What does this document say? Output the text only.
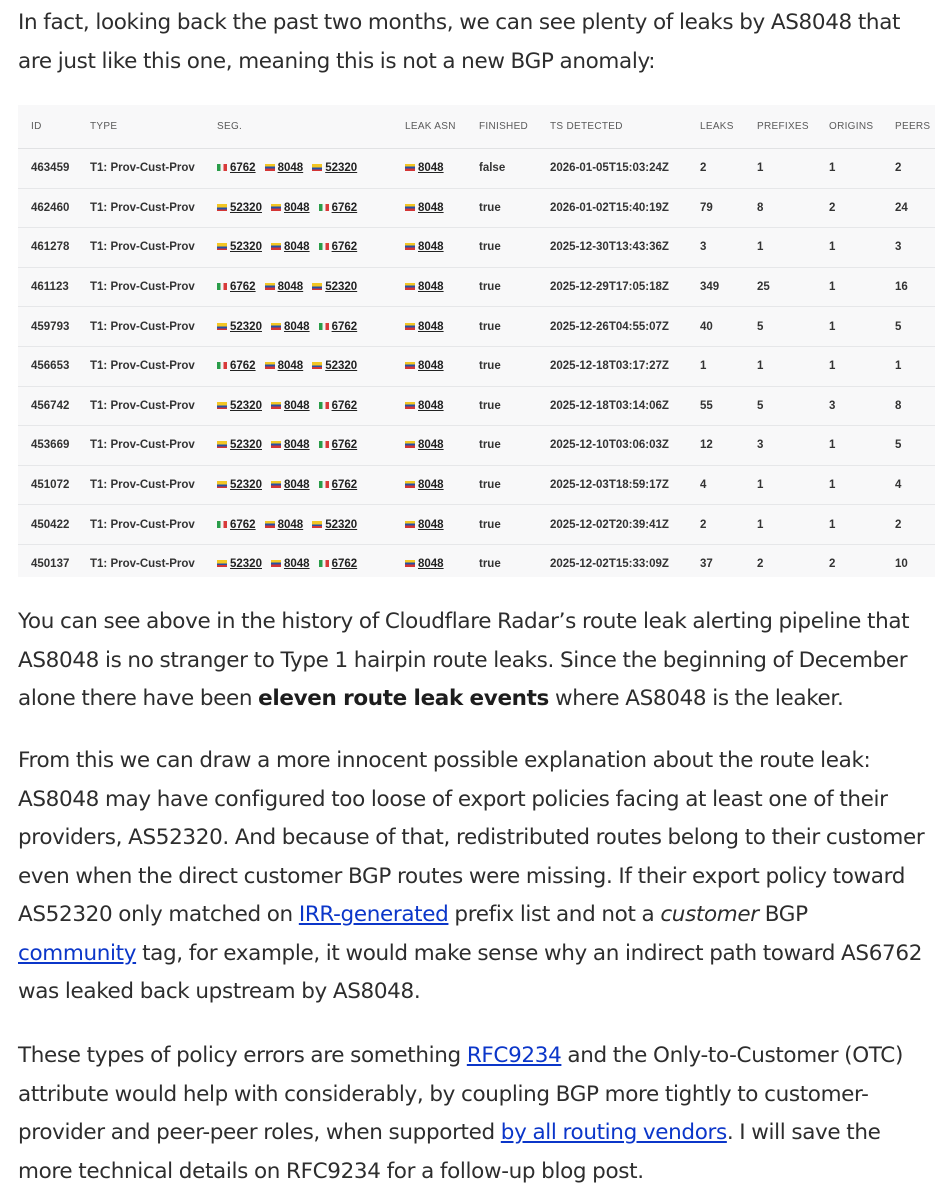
In fact, looking back the past two months, we can see plenty of leaks by AS8048 that are just like this one, meaning this is not a new BGP anomaly:

	ID	TYPE	SEG.	LEAK ASN	FINISHED	TS DETECTED	LEAKS	PREFIXES	ORIGINS	PEERS
	463459	T1: Prov-Cust-Prov	6762 8048 52320	8048	false	2026-01-05T15:03:24Z	2	1	1	2
	462460	T1: Prov-Cust-Prov	52320 8048 6762	8048	true	2026-01-02T15:40:19Z	79	8	2	24
	461278	T1: Prov-Cust-Prov	52320 8048 6762	8048	true	2025-12-30T13:43:36Z	3	1	1	3
	461123	T1: Prov-Cust-Prov	6762 8048 52320	8048	true	2025-12-29T17:05:18Z	349	25	1	16
	459793	T1: Prov-Cust-Prov	52320 8048 6762	8048	true	2025-12-26T04:55:07Z	40	5	1	5
	456653	T1: Prov-Cust-Prov	6762 8048 52320	8048	true	2025-12-18T03:17:27Z	1	1	1	1
	456742	T1: Prov-Cust-Prov	52320 8048 6762	8048	true	2025-12-18T03:14:06Z	55	5	3	8
	453669	T1: Prov-Cust-Prov	52320 8048 6762	8048	true	2025-12-10T03:06:03Z	12	3	1	5
	451072	T1: Prov-Cust-Prov	52320 8048 6762	8048	true	2025-12-03T18:59:17Z	4	1	1	4
	450422	T1: Prov-Cust-Prov	6762 8048 52320	8048	true	2025-12-02T20:39:41Z	2	1	1	2
	450137	T1: Prov-Cust-Prov	52320 8048 6762	8048	true	2025-12-02T15:33:09Z	37	2	2	10

You can see above in the history of Cloudflare Radar’s route leak alerting pipeline that AS8048 is no stranger to Type 1 hairpin route leaks. Since the beginning of December alone there have been eleven route leak events where AS8048 is the leaker.

From this we can draw a more innocent possible explanation about the route leak: AS8048 may have configured too loose of export policies facing at least one of their providers, AS52320. And because of that, redistributed routes belong to their customer even when the direct customer BGP routes were missing. If their export policy toward AS52320 only matched on IRR-generated prefix list and not a customer BGP community tag, for example, it would make sense why an indirect path toward AS6762 was leaked back upstream by AS8048.

These types of policy errors are something RFC9234 and the Only-to-Customer (OTC) attribute would help with considerably, by coupling BGP more tightly to customer-provider and peer-peer roles, when supported by all routing vendors. I will save the more technical details on RFC9234 for a follow-up blog post.
